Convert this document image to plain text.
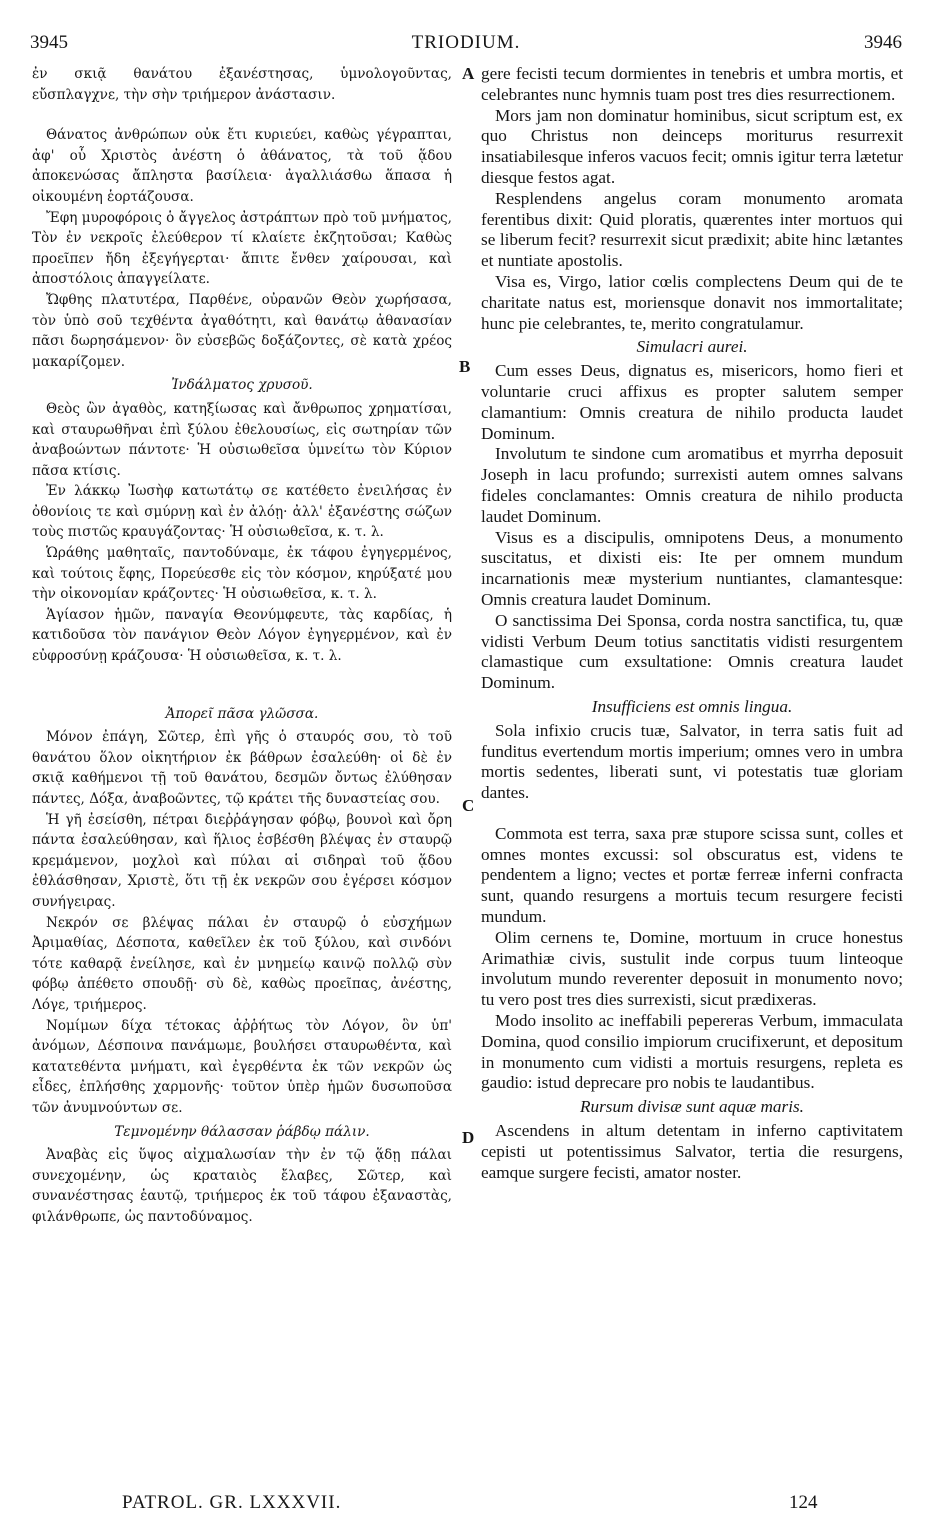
3945	TRIODIUM.	3946

ἐν σκιᾷ θανάτου ἐξανέστησας, ὑμνολογοῦντας, εὔσπλαγχνε, τὴν σὴν τριήμερον ἀνάστασιν.

Θάνατος ἀνθρώπων οὐκ ἔτι κυριεύει, καθὼς γέγραπται, ἀφ' οὗ Χριστὸς ἀνέστη ὁ ἀθάνατος, τὰ τοῦ ᾅδου ἀποκενώσας ἄπληστα βασίλεια· ἀγαλλιάσθω ἅπασα ἡ οἰκουμένη ἑορτάζουσα.

Ἔφη μυροφόροις ὁ ἄγγελος ἀστράπτων πρὸ τοῦ μνήματος, Τὸν ἐν νεκροῖς ἐλεύθερον τί κλαίετε ἐκζητοῦσαι; Καθὼς προεῖπεν ἤδη ἐξεγήγερται· ἄπιτε ἔνθεν χαίρουσαι, καὶ ἀποστόλοις ἀπαγγείλατε.

Ὤφθης πλατυτέρα, Παρθένε, οὐρανῶν Θεὸν χωρήσασα, τὸν ὑπὸ σοῦ τεχθέντα ἀγαθότητι, καὶ θανάτῳ ἀθανασίαν πᾶσι δωρησάμενον· ὃν εὐσεβῶς δοξάζοντες, σὲ κατὰ χρέος μακαρίζομεν.

Ἰνδάλματος χρυσοῦ.

Θεὸς ὢν ἀγαθὸς, κατηξίωσας καὶ ἄνθρωπος χρηματίσαι, καὶ σταυρωθῆναι ἐπὶ ξύλου ἐθελουσίως, εἰς σωτηρίαν τῶν ἀναβοώντων πάντοτε· Ἡ οὐσιωθεῖσα ὑμνείτω τὸν Κύριον πᾶσα κτίσις.

Ἐν λάκκῳ Ἰωσὴφ κατωτάτῳ σε κατέθετο ἐνειλήσας ἐν ὀθονίοις τε καὶ σμύρνῃ καὶ ἐν ἀλόῃ· ἀλλ' ἐξανέστης σώζων τοὺς πιστῶς κραυγάζοντας· Ἡ οὐσιωθεῖσα, κ. τ. λ.

Ὡράθης μαθηταῖς, παντοδύναμε, ἐκ τάφου ἐγηγερμένος, καὶ τούτοις ἔφης, Πορεύεσθε εἰς τὸν κόσμον, κηρύξατέ μου τὴν οἰκονομίαν κράζοντες· Ἡ οὐσιωθεῖσα, κ. τ. λ.

Ἁγίασον ἡμῶν, παναγία Θεονύμφευτε, τὰς καρδίας, ἡ κατιδοῦσα τὸν πανάγιον Θεὸν Λόγον ἐγηγερμένον, καὶ ἐν εὐφροσύνῃ κράζουσα· Ἡ οὐσιωθεῖσα, κ. τ. λ.

Ἀπορεῖ πᾶσα γλῶσσα.

Μόνον ἐπάγη, Σῶτερ, ἐπὶ γῆς ὁ σταυρός σου, τὸ τοῦ θανάτου ὅλον οἰκητήριον ἐκ βάθρων ἐσαλεύθη· οἱ δὲ ἐν σκιᾷ καθήμενοι τῇ τοῦ θανάτου, δεσμῶν ὄντως ἐλύθησαν πάντες, Δόξα, ἀναβοῶντες, τῷ κράτει τῆς δυναστείας σου.

Ἡ γῆ ἐσείσθη, πέτραι διεῤῥάγησαν φόβῳ, βουνοὶ καὶ ὄρη πάντα ἐσαλεύθησαν, καὶ ἥλιος ἐσβέσθη βλέψας ἐν σταυρῷ κρεμάμενον, μοχλοὶ καὶ πύλαι αἱ σιδηραὶ τοῦ ᾅδου ἐθλάσθησαν, Χριστὲ, ὅτι τῇ ἐκ νεκρῶν σου ἐγέρσει κόσμον συνήγειρας.

Νεκρόν σε βλέψας πάλαι ἐν σταυρῷ ὁ εὐσχήμων Ἀριμαθίας, Δέσποτα, καθεῖλεν ἐκ τοῦ ξύλου, καὶ σινδόνι τότε καθαρᾷ ἐνείλησε, καὶ ἐν μνημείῳ καινῷ πολλῷ σὺν φόβῳ ἀπέθετο σπουδῇ· σὺ δὲ, καθὼς προεῖπας, ἀνέστης, Λόγε, τριήμερος.

Νομίμων δίχα τέτοκας ἀῤῥήτως τὸν Λόγον, ὃν ὑπ' ἀνόμων, Δέσποινα πανάμωμε, βουλήσει σταυρωθέντα, καὶ κατατεθέντα μνήματι, καὶ ἐγερθέντα ἐκ τῶν νεκρῶν ὡς εἶδες, ἐπλήσθης χαρμονῆς· τοῦτον ὑπὲρ ἡμῶν δυσωποῦσα τῶν ἀνυμνούντων σε.

Τεμνομένην θάλασσαν ῥάβδῳ πάλιν.

Ἀναβὰς εἰς ὕψος αἰχμαλωσίαν τὴν ἐν τῷ ᾅδῃ πάλαι συνεχομένην, ὡς κραταιὸς ἔλαβες, Σῶτερ, καὶ συνανέστησας ἑαυτῷ, τριήμερος ἐκ τοῦ τάφου ἐξαναστὰς, φιλάνθρωπε, ὡς παντοδύναμος.

gere fecisti tecum dormientes in tenebris et umbra mortis, et celebrantes nunc hymnis tuam post tres dies resurrectionem.

Mors jam non dominatur hominibus, sicut scriptum est, ex quo Christus non deinceps moriturus resurrexit insatiabilesque inferos vacuos fecit; omnis igitur terra lætetur diesque festos agat.

Resplendens angelus coram monumento aromata ferentibus dixit: Quid ploratis, quærentes inter mortuos qui se liberum fecit? resurrexit sicut prædixit; abite hinc lætantes et nuntiate apostolis.

Visa es, Virgo, latior cœlis complectens Deum qui de te charitate natus est, moriensque donavit nos immortalitate; hunc pie celebrantes, te, merito congratulamur.

Simulacri aurei.

Cum esses Deus, dignatus es, misericors, homo fieri et voluntarie cruci affixus es propter salutem semper clamantium: Omnis creatura de nihilo producta laudet Dominum.

Involutum te sindone cum aromatibus et myrrha deposuit Joseph in lacu profundo; surrexisti autem omnes salvans fideles conclamantes: Omnis creatura de nihilo producta laudet Dominum.

Visus es a discipulis, omnipotens Deus, a monumento suscitatus, et dixisti eis: Ite per omnem mundum incarnationis meæ mysterium nuntiantes, clamantesque: Omnis creatura laudet Dominum.

O sanctissima Dei Sponsa, corda nostra sanctifica, tu, quæ vidisti Verbum Deum totius sanctitatis vidisti resurgentem clamastique cum exsultatione: Omnis creatura laudet Dominum.

Insufficiens est omnis lingua.

Sola infixio crucis tuæ, Salvator, in terra satis fuit ad funditus evertendum mortis imperium; omnes vero in umbra mortis sedentes, liberati sunt, vi potestatis tuæ gloriam dantes.

Commota est terra, saxa præ stupore scissa sunt, colles et omnes montes excussi: sol obscuratus est, videns te pendentem a ligno; vectes et portæ ferreæ inferni confracta sunt, quando resurgens a mortuis tecum resurgere fecisti mundum.

Olim cernens te, Domine, mortuum in cruce honestus Arimathiæ civis, sustulit inde corpus tuum linteoque involutum mundo reverenter deposuit in monumento novo; tu vero post tres dies surrexisti, sicut prædixeras.

Modo insolito ac ineffabili pepereras Verbum, immaculata Domina, quod consilio impiorum crucifixerunt, et depositum in monumento cum vidisti a mortuis resurgens, repleta es gaudio: istud deprecare pro nobis te laudantibus.

Rursum divisæ sunt aquæ maris.

Ascendens in altum detentam in inferno captivitatem cepisti ut potentissimus Salvator, tertia die resurgens, eamque surgere fecisti, amator noster.

A
B
C
D
PATROL. GR. LXXXVII.	124
